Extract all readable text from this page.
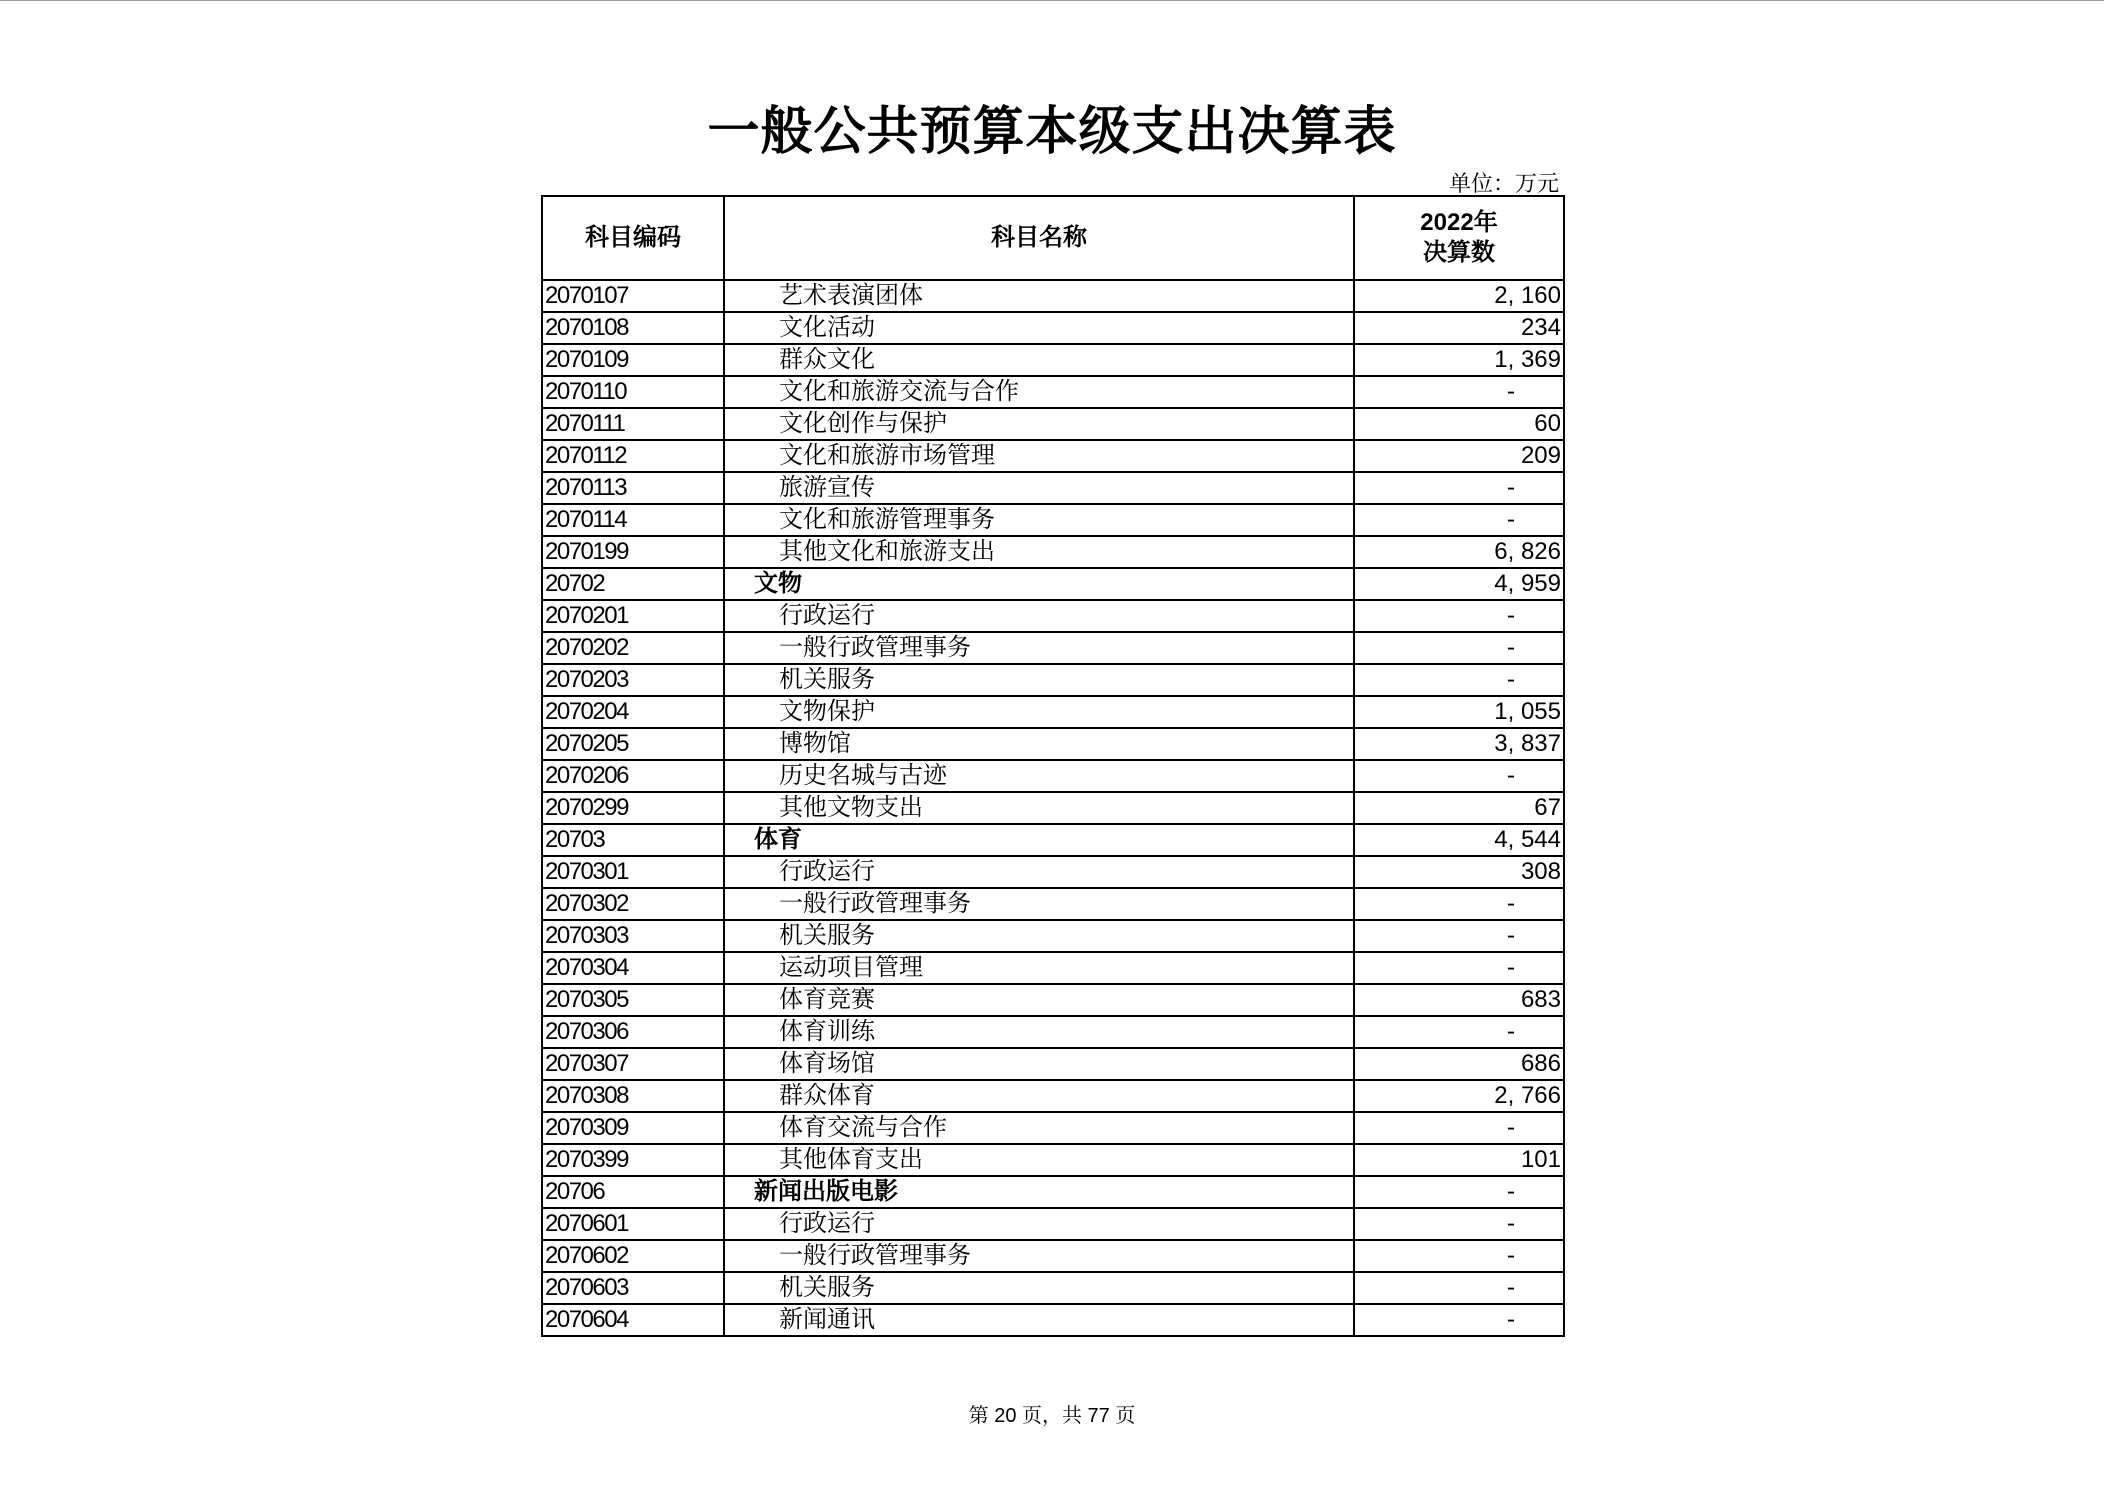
一般公共预算本级支出决算表
单位：万元
科目编码	科目名称	2022年
决算数
2070107	艺术表演团体	2, 160
2070108	文化活动	234
2070109	群众文化	1, 369
2070110	文化和旅游交流与合作	-
2070111	文化创作与保护	60
2070112	文化和旅游市场管理	209
2070113	旅游宣传	-
2070114	文化和旅游管理事务	-
2070199	其他文化和旅游支出	6, 826
20702	文物	4, 959
2070201	行政运行	-
2070202	一般行政管理事务	-
2070203	机关服务	-
2070204	文物保护	1, 055
2070205	博物馆	3, 837
2070206	历史名城与古迹	-
2070299	其他文物支出	67
20703	体育	4, 544
2070301	行政运行	308
2070302	一般行政管理事务	-
2070303	机关服务	-
2070304	运动项目管理	-
2070305	体育竞赛	683
2070306	体育训练	-
2070307	体育场馆	686
2070308	群众体育	2, 766
2070309	体育交流与合作	-
2070399	其他体育支出	101
20706	新闻出版电影	-
2070601	行政运行	-
2070602	一般行政管理事务	-
2070603	机关服务	-
2070604	新闻通讯	-
第 20 页，共 77 页
